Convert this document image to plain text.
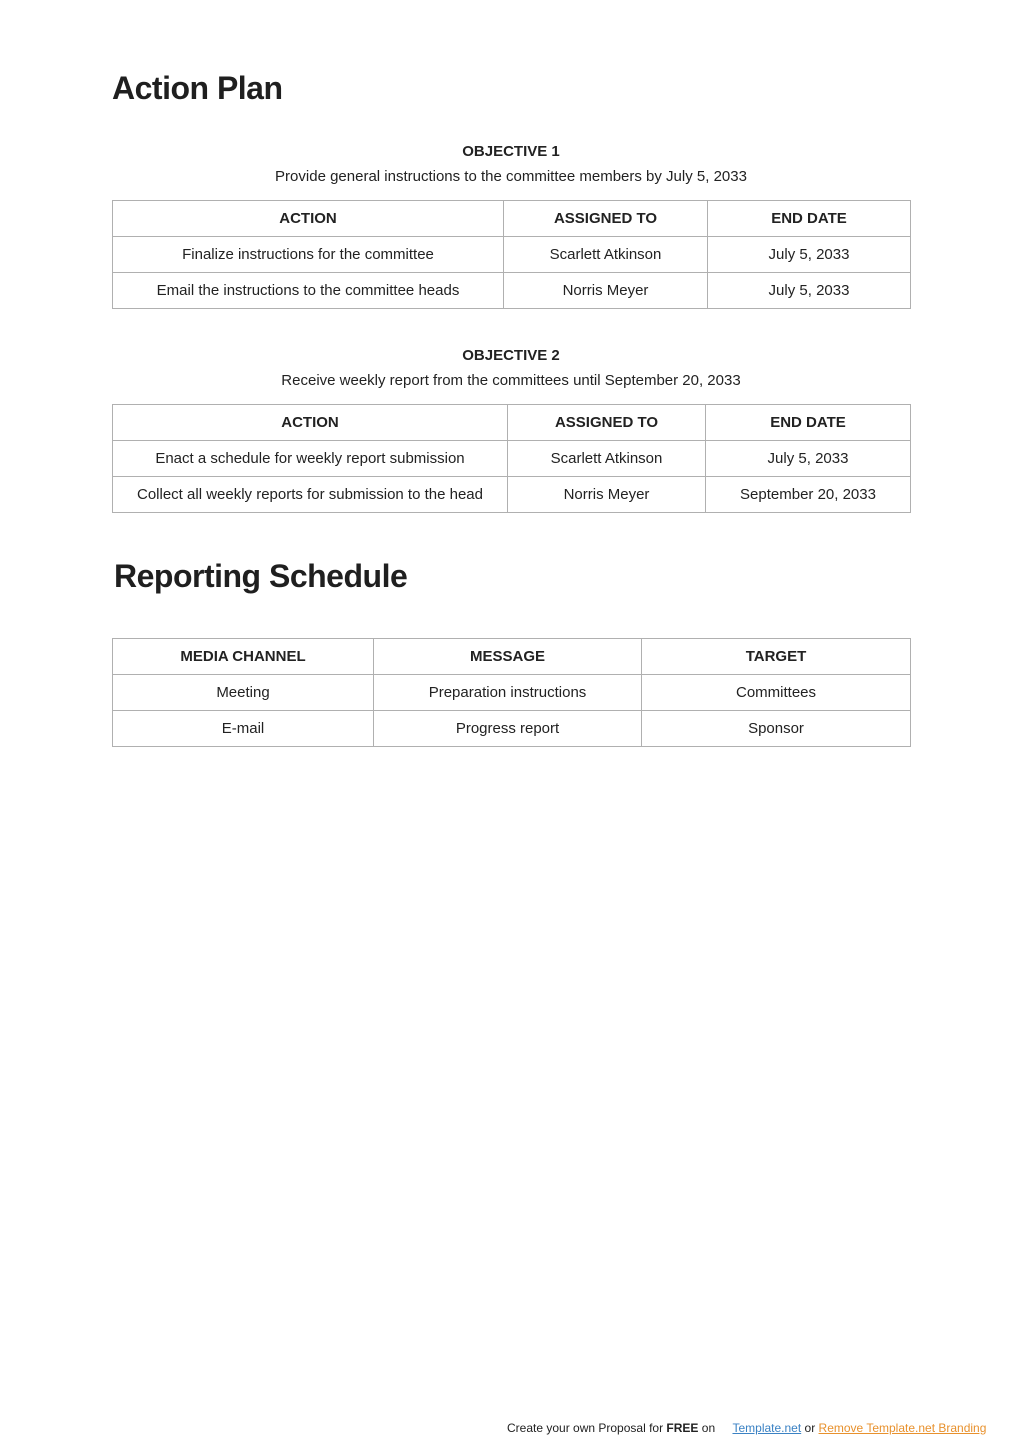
Action Plan
OBJECTIVE 1
Provide general instructions to the committee members by July 5, 2033
ACTION	ASSIGNED TO	END DATE
Finalize instructions for the committee	Scarlett Atkinson	July 5, 2033
Email the instructions to the committee heads	Norris Meyer	July 5, 2033
OBJECTIVE 2
Receive weekly report from the committees until September 20, 2033
ACTION	ASSIGNED TO	END DATE
Enact a schedule for weekly report submission	Scarlett Atkinson	July 5, 2033
Collect all weekly reports for submission to the head	Norris Meyer	September 20, 2033
Reporting Schedule
MEDIA CHANNEL	MESSAGE	TARGET
Meeting	Preparation instructions	Committees
E-mail	Progress report	Sponsor
Create your own Proposal for FREE on Template.net or Remove Template.net Branding
